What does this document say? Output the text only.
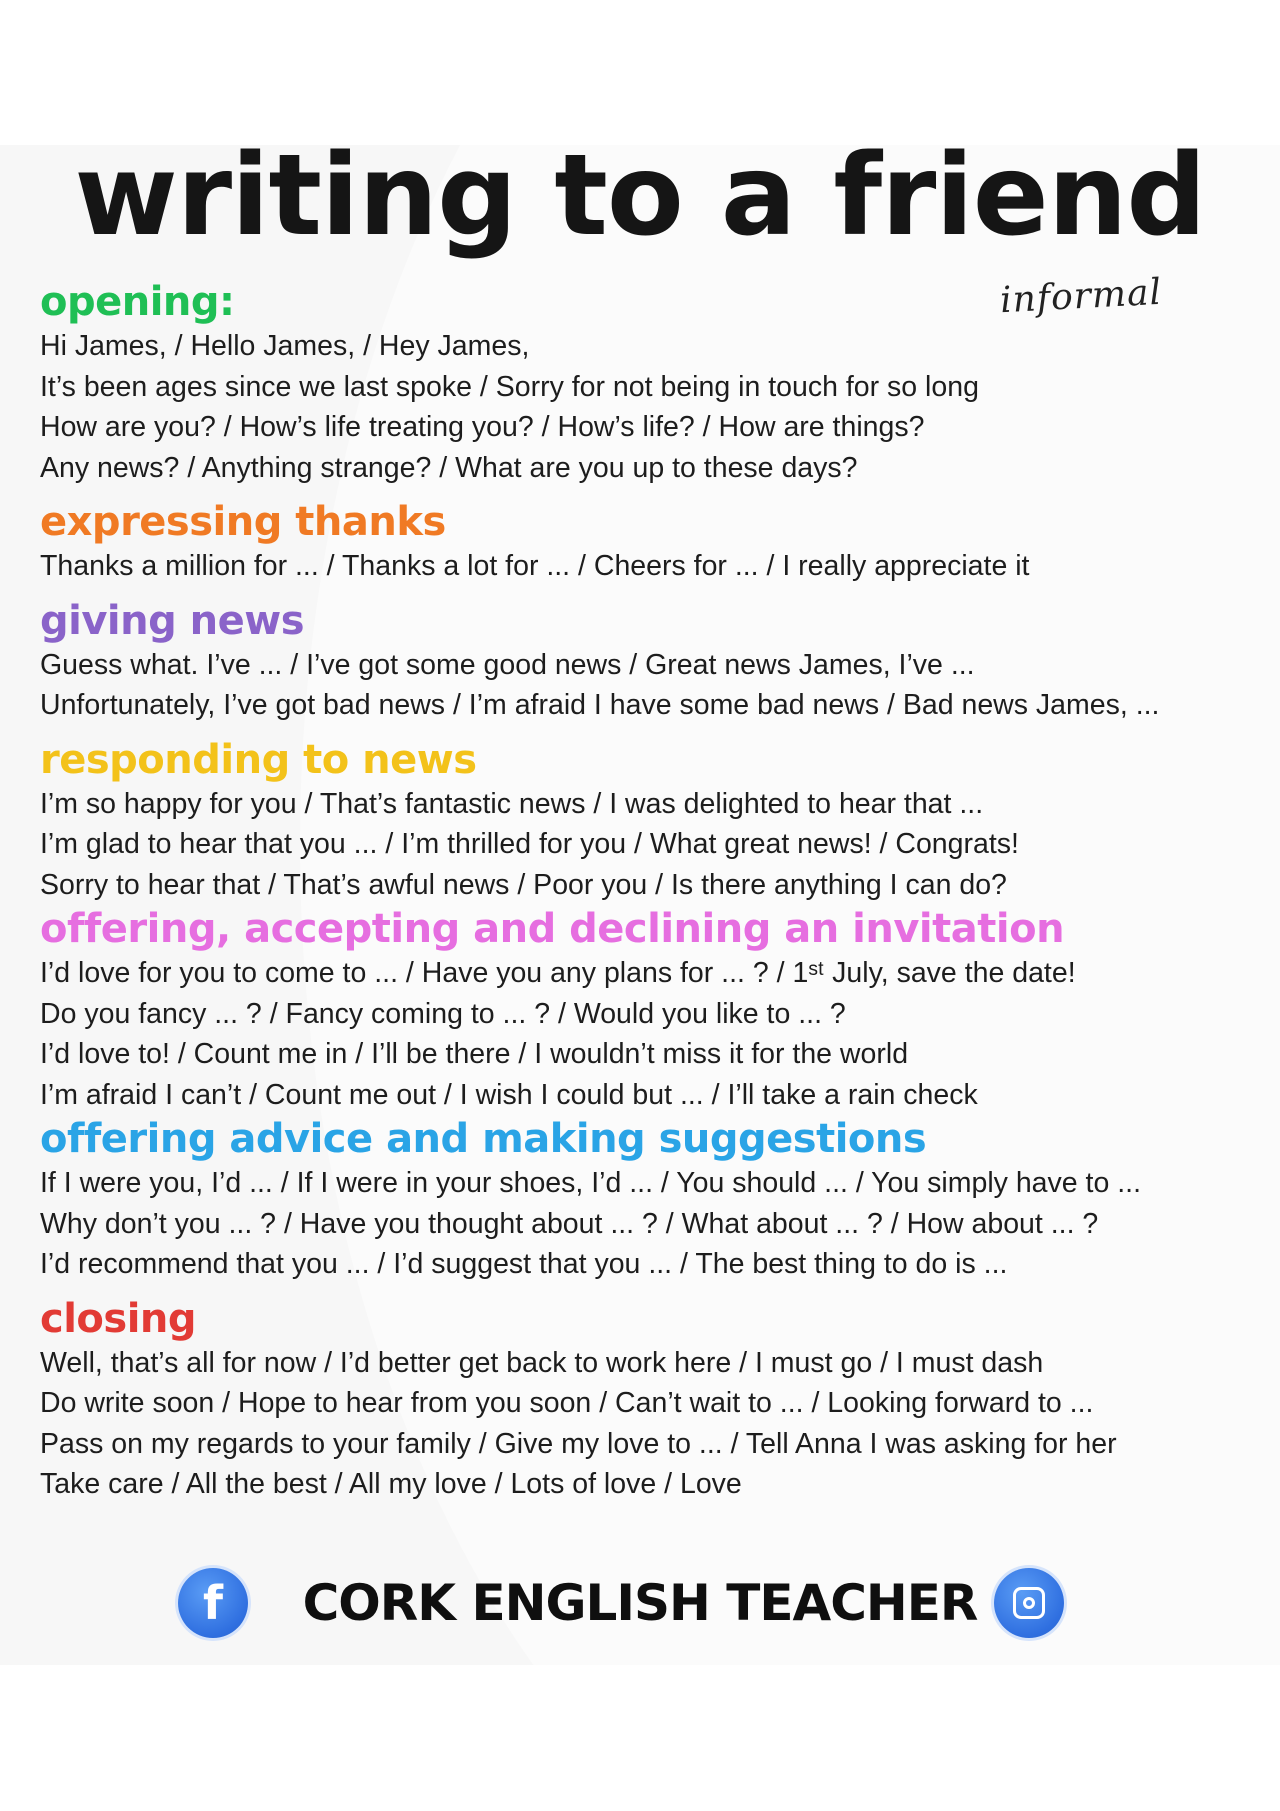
writing to a friend
informal
opening:
Hi James, / Hello James, / Hey James,
It’s been ages since we last spoke / Sorry for not being in touch for so long
How are you? / How’s life treating you? / How’s life? / How are things?
Any news? / Anything strange? / What are you up to these days?
expressing thanks
Thanks a million for ... / Thanks a lot for ... / Cheers for ... / I really appreciate it
giving news
Guess what. I’ve ... / I’ve got some good news / Great news James, I’ve ...
Unfortunately, I’ve got bad news / I’m afraid I have some bad news / Bad news James, ...
responding to news
I’m so happy for you / That’s fantastic news / I was delighted to hear that ...
I’m glad to hear that you ... / I’m thrilled for you / What great news! / Congrats!
Sorry to hear that / That’s awful news / Poor you / Is there anything I can do?
offering, accepting and declining an invitation
I’d love for you to come to ... / Have you any plans for ... ? / 1ˢᵗ July, save the date!
Do you fancy ... ? / Fancy coming to ... ? / Would you like to ... ?
I’d love to! / Count me in / I’ll be there / I wouldn’t miss it for the world
I’m afraid I can’t / Count me out / I wish I could but ... / I’ll take a rain check
offering advice and making suggestions
If I were you, I’d ... / If I were in your shoes, I’d ... / You should ... / You simply have to ...
Why don’t you ... ? / Have you thought about ... ? / What about ... ? / How about ... ?
I’d recommend that you ... / I’d suggest that you ... / The best thing to do is ...
closing
Well, that’s all for now / I’d better get back to work here / I must go / I must dash
Do write soon / Hope to hear from you soon / Can’t wait to ... / Looking forward to ...
Pass on my regards to your family / Give my love to ... / Tell Anna I was asking for her
Take care / All the best / All my love / Lots of love / Love
f	CORK ENGLISH TEACHER
